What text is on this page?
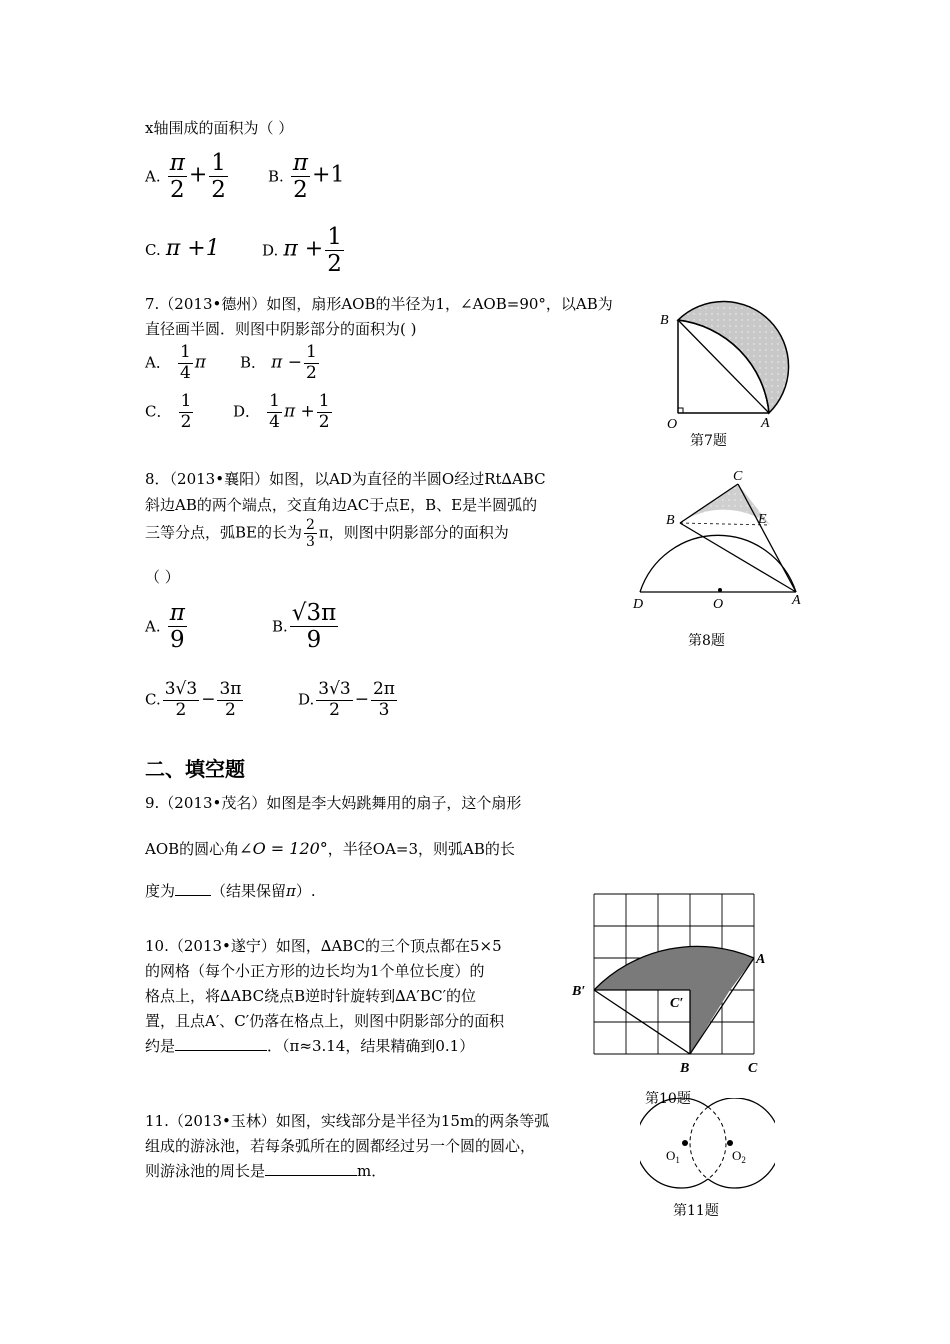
x轴围成的面积为（ ）
A. $\frac{\pi}{2} + \frac{1}{2}$	B. $\frac{\pi}{2} +1$
C. π +1	D. $\pi + \frac{1}{2}$
7.（2013•德州）如图，扇形AOB的半径为1，∠AOB=90°，以AB为
直径画半圆．则图中阴影部分的面积为( )
A． $\frac{1}{4}$ π B． $\pi - \frac{1}{2}$
C． $\frac{1}{2}$	D． $\frac{1}{4}$ $\pi + \frac{1}{2}$
B
O	A
第7题
8．（2013•襄阳）如图，以AD为直径的半圆O经过Rt∆ABC
斜边AB的两个端点，交直角边AC于点E，B、E是半圆弧的
三等分点，弧BE的长为 $\frac{2}{3}$ π，则图中阴影部分的面积为
（ ）
A. $\frac{\pi}{9}$	B. $\frac{√3\pi}{9}$
C. $\frac{3√3}{2} - \frac{3\pi}{2}$	D. $\frac{3√3}{2} - \frac{2\pi}{3}$
C
B	E
D	O	A
第8题
二、填空题
9.（2013•茂名）如图是李大妈跳舞用的扇子，这个扇形
AOB的圆心角∠O = 120°，半径OA=3，则弧AB的长
度为 （结果保留π）.
10.（2013•遂宁）如图，∆ABC的三个顶点都在5×5
的网格（每个小正方形的边长均为1个单位长度）的
格点上，将∆ABC绕点B逆时针旋转到∆A′BC′的位
置，且点A′、C′仍落在格点上，则图中阴影部分的面积
约是	．（π≈3.14，结果精确到0.1）
A
B′
C′
B	C
第10题
11.（2013•玉林）如图，实线部分是半径为15m的两条等弧
组成的游泳池，若每条弧所在的圆都经过另一个圆的圆心，
则游泳池的周长是	m．
$O_1$	$O_2$
第11题
